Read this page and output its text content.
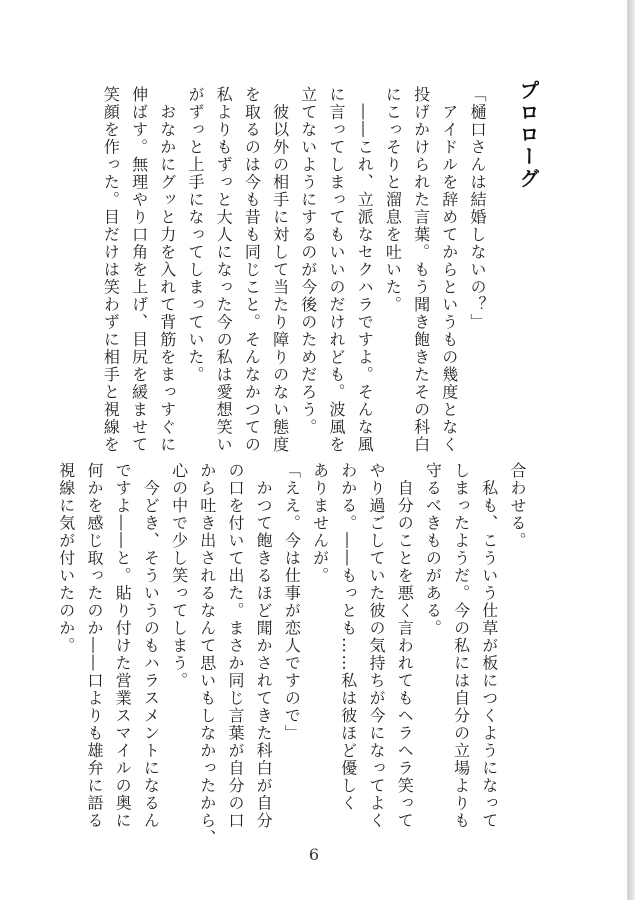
プロローグ
「樋口さんは結婚しないの？」
　アイドルを辞めてからというもの幾度となく
投げかけられた言葉。もう聞き飽きたその科白
にこっそりと溜息を吐いた。
　――これ、立派なセクハラですよ。そんな風
に言ってしまってもいいのだけれども。波風を
立てないようにするのが今後のためだろう。
　彼以外の相手に対して当たり障りのない態度
を取るのは今も昔も同じこと。そんなかつての
私よりもずっと大人になった今の私は愛想笑い
がずっと上手になってしまっていた。
　おなかにグッと力を入れて背筋をまっすぐに
伸ばす。無理やり口角を上げ、目尻を緩ませて
笑顔を作った。目だけは笑わずに相手と視線を
合わせる。
　私も、こういう仕草が板につくようになって
しまったようだ。今の私には自分の立場よりも
守るべきものがある。
　自分のことを悪く言われてもヘラヘラ笑って
やり過ごしていた彼の気持ちが今になってよく
わかる。――もっとも……私は彼ほど優しく
ありませんが。
「ええ。今は仕事が恋人ですので」
　かつて飽きるほど聞かされてきた科白が自分
の口を付いて出た。まさか同じ言葉が自分の口
から吐き出されるなんて思いもしなかったから、
心の中で少し笑ってしまう。
　今どき、そういうのもハラスメントになるん
ですよ――と。貼り付けた営業スマイルの奥に
何かを感じ取ったのか――口よりも雄弁に語る
視線に気が付いたのか。
6
